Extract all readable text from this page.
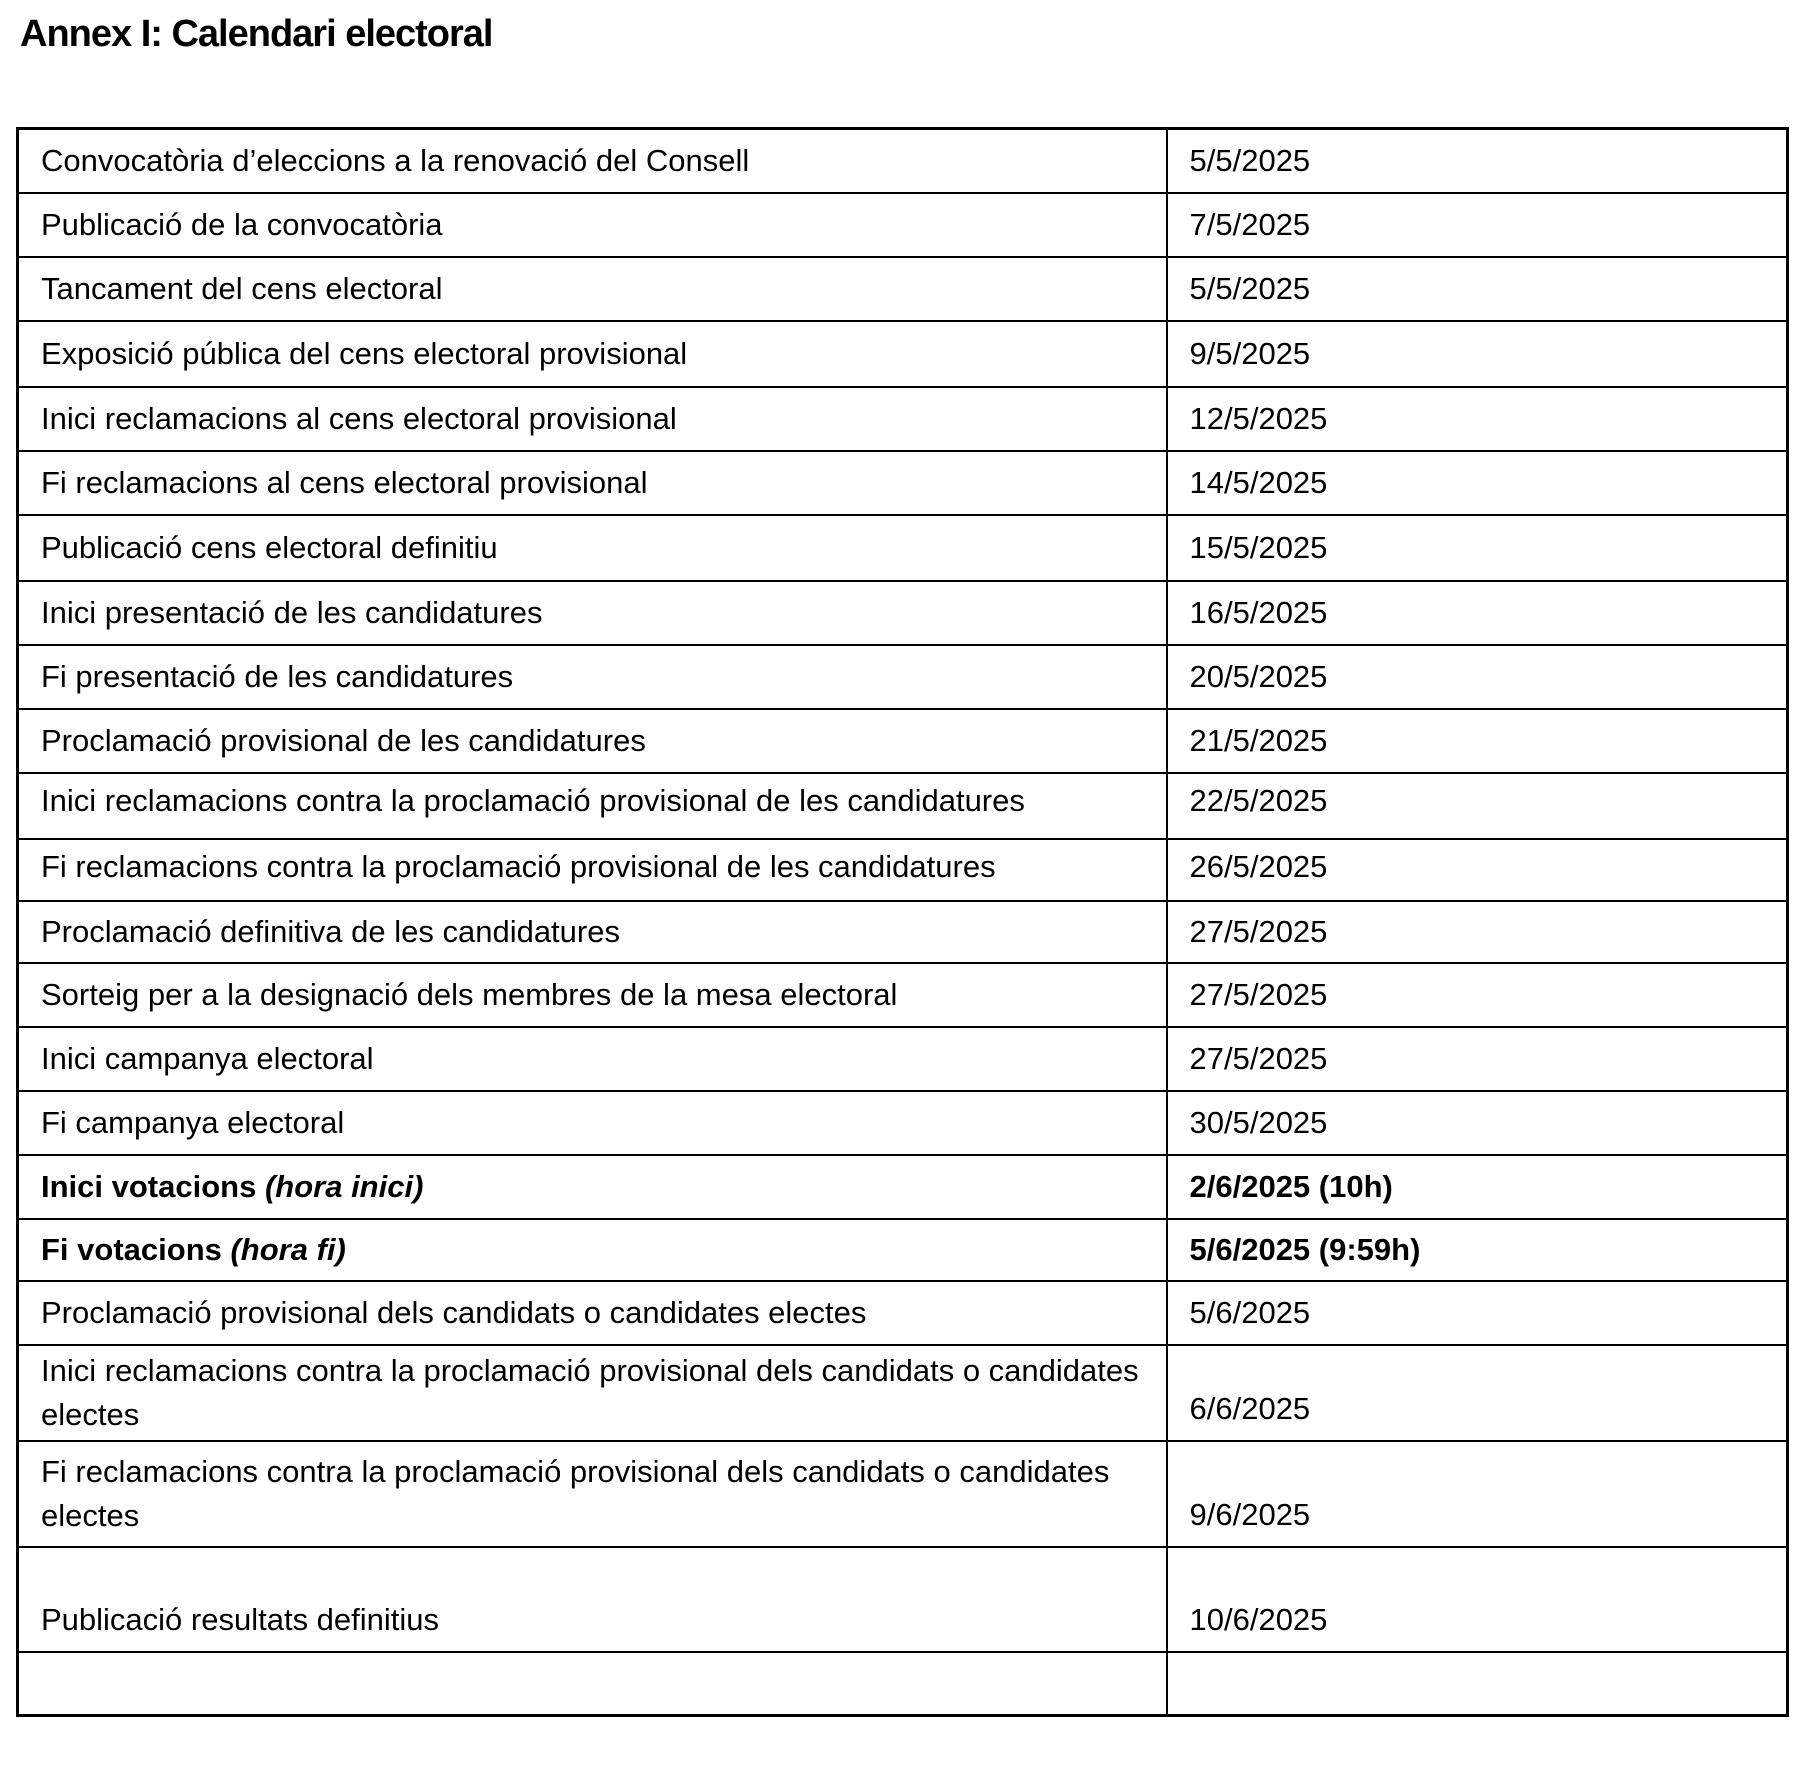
Annex I: Calendari electoral
Convocatòria d’eleccions a la renovació del Consell	5/5/2025
Publicació de la convocatòria	7/5/2025
Tancament del cens electoral	5/5/2025
Exposició pública del cens electoral provisional	9/5/2025
Inici reclamacions al cens electoral provisional	12/5/2025
Fi reclamacions al cens electoral provisional	14/5/2025
Publicació cens electoral definitiu	15/5/2025
Inici presentació de les candidatures	16/5/2025
Fi presentació de les candidatures	20/5/2025
Proclamació provisional de les candidatures	21/5/2025
Inici reclamacions contra la proclamació provisional de les candidatures	22/5/2025
Fi reclamacions contra la proclamació provisional de les candidatures	26/5/2025
Proclamació definitiva de les candidatures	27/5/2025
Sorteig per a la designació dels membres de la mesa electoral	27/5/2025
Inici campanya electoral	27/5/2025
Fi campanya electoral	30/5/2025
Inici votacions (hora inici)	2/6/2025 (10h)
Fi votacions (hora fi)	5/6/2025 (9:59h)
Proclamació provisional dels candidats o candidates electes	5/6/2025
Inici reclamacions contra la proclamació provisional dels candidats o candidates electes	6/6/2025
Fi reclamacions contra la proclamació provisional dels candidats o candidates electes	9/6/2025
Publicació resultats definitius	10/6/2025
